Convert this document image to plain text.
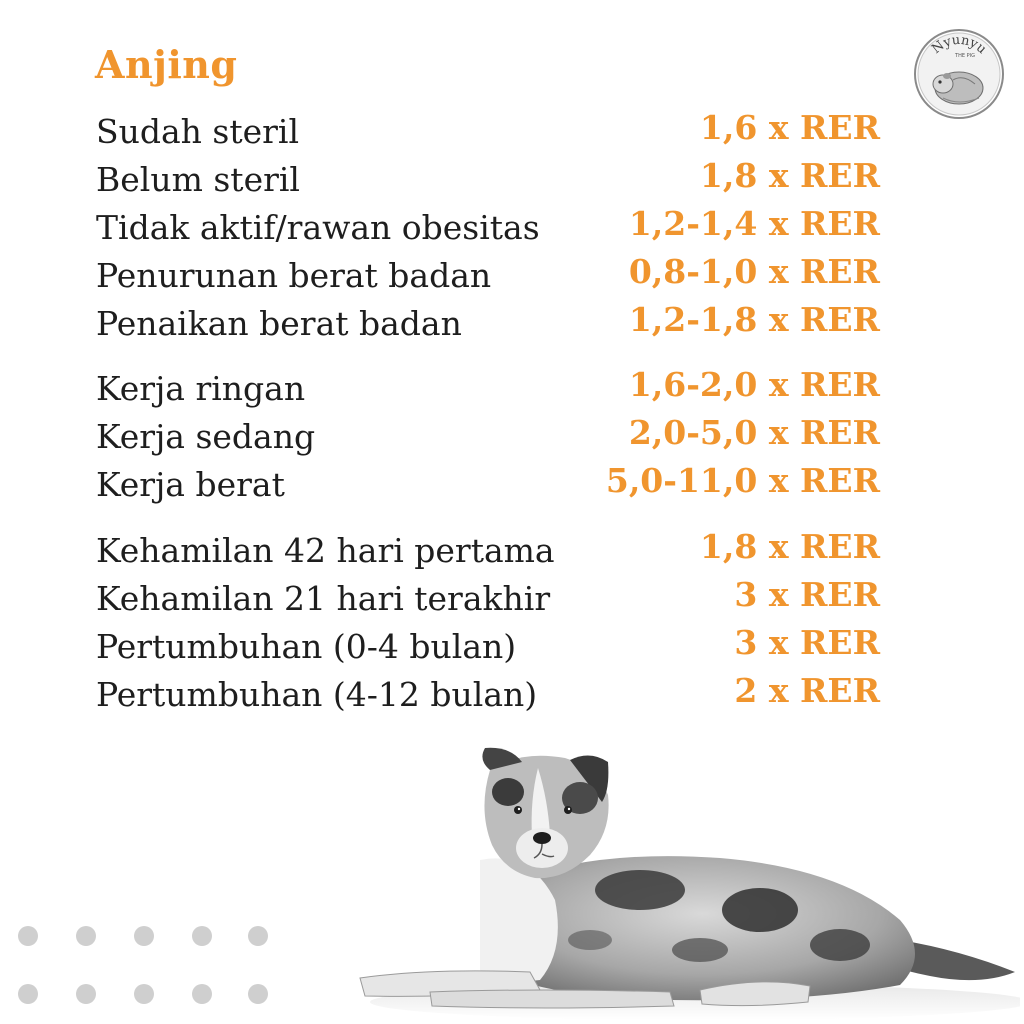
Anjing
Sudah steril	1,6 x RER
Belum steril	1,8 x RER
Tidak aktif/rawan obesitas	1,2-1,4 x RER
Penurunan berat badan	0,8-1,0 x RER
Penaikan berat badan	1,2-1,8 x RER
Kerja ringan	1,6-2,0 x RER
Kerja sedang	2,0-5,0 x RER
Kerja berat	5,0-11,0 x RER
Kehamilan 42 hari pertama	1,8 x RER
Kehamilan 21 hari terakhir	3 x RER
Pertumbuhan (0-4 bulan)	3 x RER
Pertumbuhan (4-12 bulan)	2 x RER
Nyunyu
THE PIG
